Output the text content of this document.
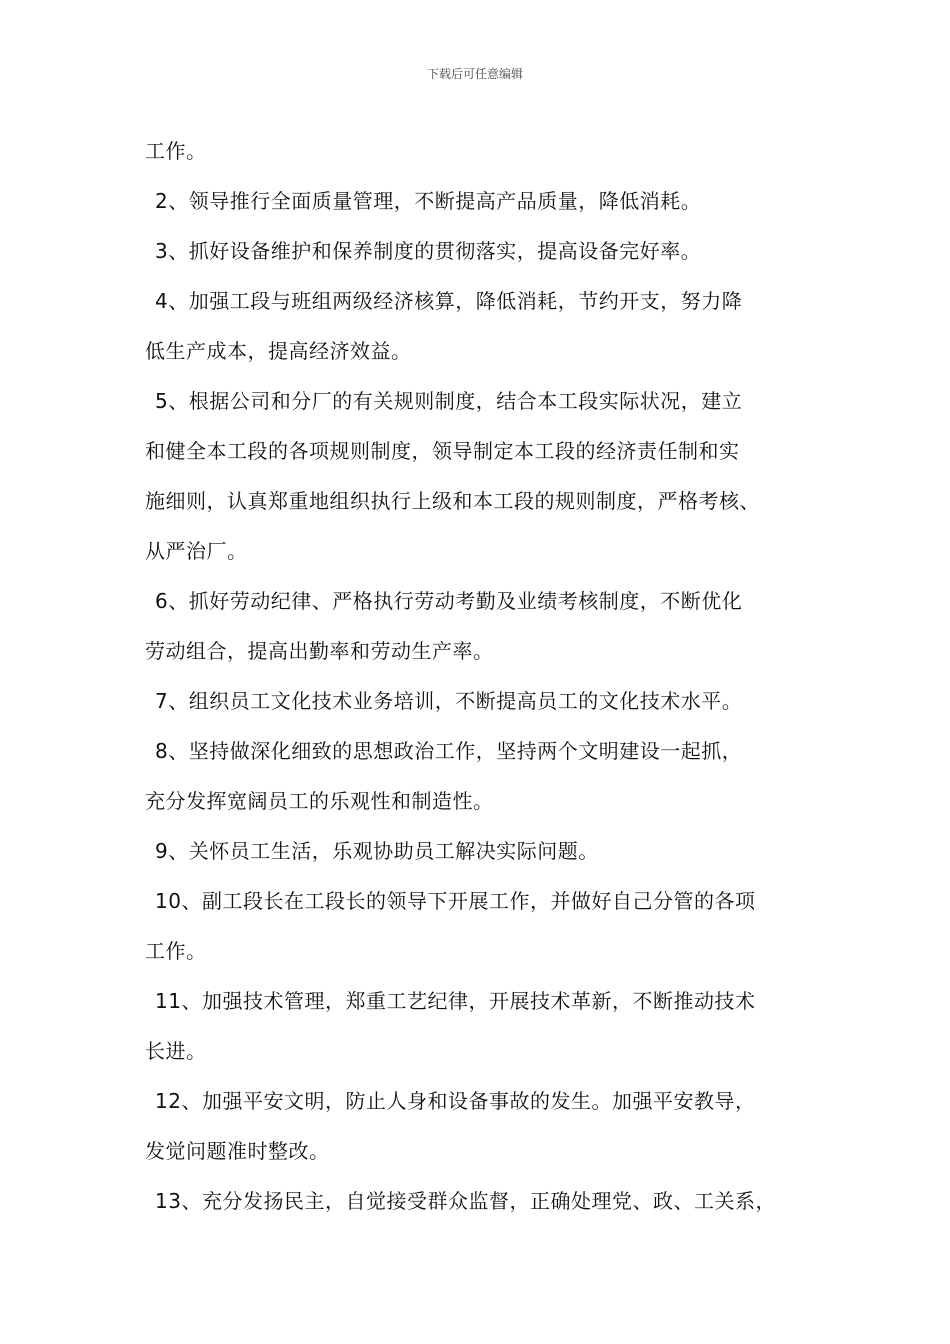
下载后可任意编辑
工作。
2、领导推行全面质量管理，不断提高产品质量，降低消耗。
3、抓好设备维护和保养制度的贯彻落实，提高设备完好率。
4、加强工段与班组两级经济核算，降低消耗，节约开支，努力降
低生产成本，提高经济效益。
5、根据公司和分厂的有关规则制度，结合本工段实际状况，建立
和健全本工段的各项规则制度，领导制定本工段的经济责任制和实
施细则，认真郑重地组织执行上级和本工段的规则制度，严格考核、
从严治厂。
6、抓好劳动纪律、严格执行劳动考勤及业绩考核制度，不断优化
劳动组合，提高出勤率和劳动生产率。
7、组织员工文化技术业务培训，不断提高员工的文化技术水平。
8、坚持做深化细致的思想政治工作，坚持两个文明建设一起抓，
充分发挥宽阔员工的乐观性和制造性。
9、关怀员工生活，乐观协助员工解决实际问题。
10、副工段长在工段长的领导下开展工作，并做好自己分管的各项
工作。
11、加强技术管理，郑重工艺纪律，开展技术革新，不断推动技术
长进。
12、加强平安文明，防止人身和设备事故的发生。加强平安教导，
发觉问题准时整改。
13、充分发扬民主，自觉接受群众监督，正确处理党、政、工关系，
